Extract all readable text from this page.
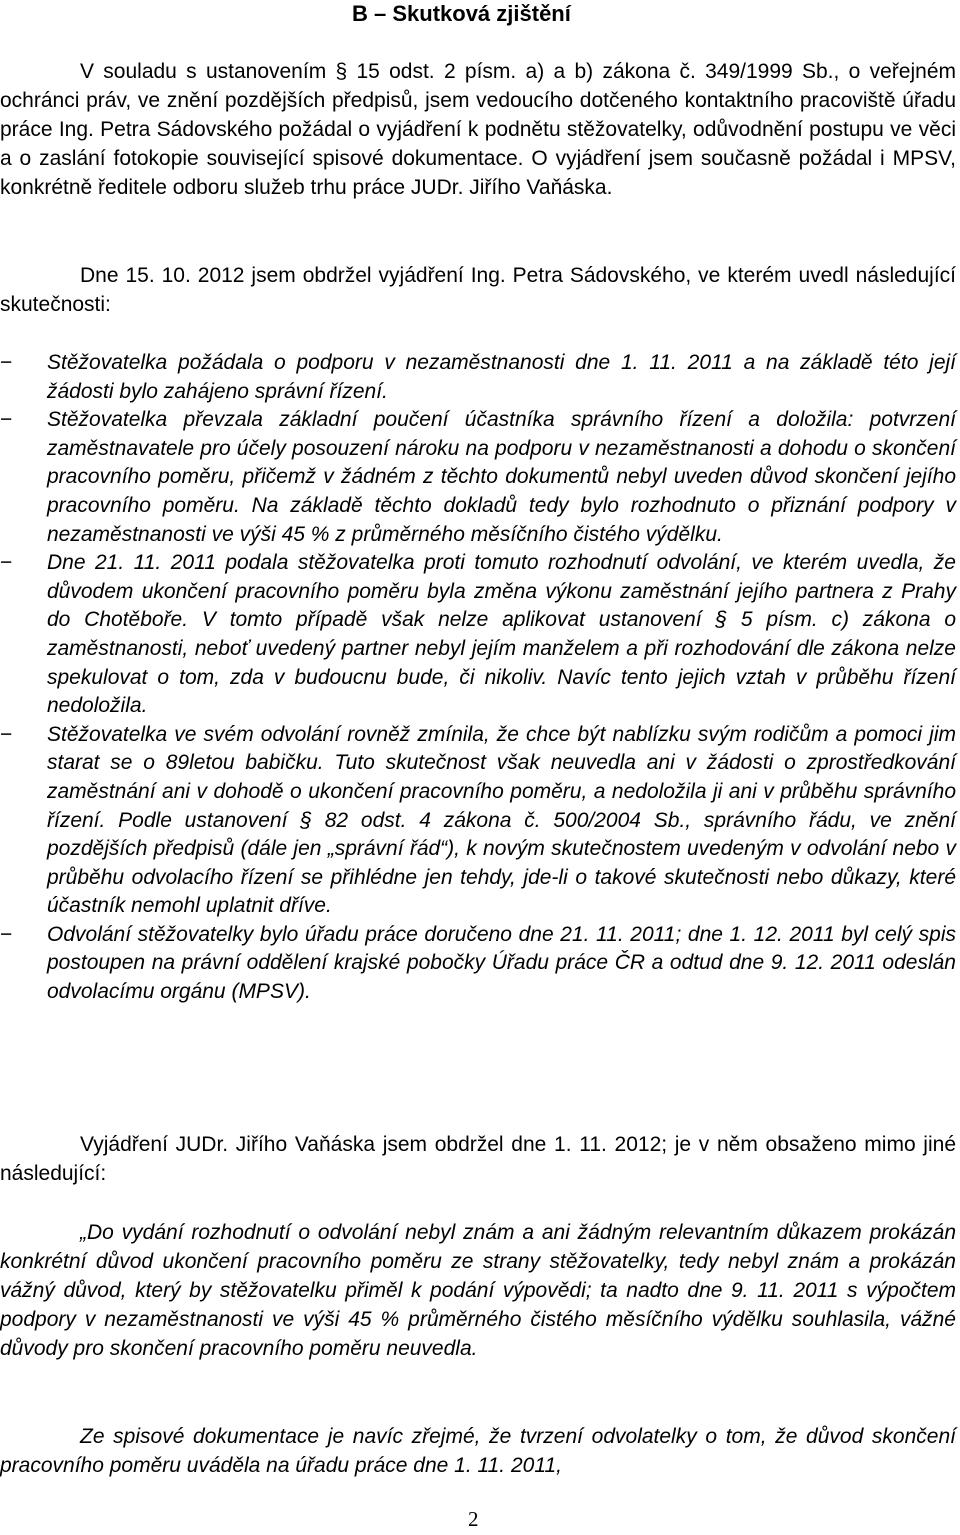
B – Skutková zjištění

V souladu s ustanovením § 15 odst. 2 písm. a) a b) zákona č. 349/1999 Sb., o veřejném ochránci práv, ve znění pozdějších předpisů, jsem vedoucího dotčeného kontaktního pracoviště úřadu práce Ing. Petra Sádovského požádal o vyjádření k podnětu stěžovatelky, odůvodnění postupu ve věci a o zaslání fotokopie související spisové dokumentace. O vyjádření jsem současně požádal i MPSV, konkrétně ředitele odboru služeb trhu práce JUDr. Jiřího Vaňáska.

Dne 15. 10. 2012 jsem obdržel vyjádření Ing. Petra Sádovského, ve kterém uvedl následující skutečnosti:

−	Stěžovatelka požádala o podporu v nezaměstnanosti dne 1. 11. 2011 a na základě této její žádosti bylo zahájeno správní řízení.
−	Stěžovatelka převzala základní poučení účastníka správního řízení a doložila: potvrzení zaměstnavatele pro účely posouzení nároku na podporu v nezaměstnanosti a dohodu o skončení pracovního poměru, přičemž v žádném z těchto dokumentů nebyl uveden důvod skončení jejího pracovního poměru. Na základě těchto dokladů tedy bylo rozhodnuto o přiznání podpory v nezaměstnanosti ve výši 45 % z průměrného měsíčního čistého výdělku.
−	Dne 21. 11. 2011 podala stěžovatelka proti tomuto rozhodnutí odvolání, ve kterém uvedla, že důvodem ukončení pracovního poměru byla změna výkonu zaměstnání jejího partnera z Prahy do Chotěboře. V tomto případě však nelze aplikovat ustanovení § 5 písm. c) zákona o zaměstnanosti, neboť uvedený partner nebyl jejím manželem a při rozhodování dle zákona nelze spekulovat o tom, zda v budoucnu bude, či nikoliv. Navíc tento jejich vztah v průběhu řízení nedoložila.
−	Stěžovatelka ve svém odvolání rovněž zmínila, že chce být nablízku svým rodičům a pomoci jim starat se o 89letou babičku. Tuto skutečnost však neuvedla ani v žádosti o zprostředkování zaměstnání ani v dohodě o ukončení pracovního poměru, a nedoložila ji ani v průběhu správního řízení. Podle ustanovení § 82 odst. 4 zákona č. 500/2004 Sb., správního řádu, ve znění pozdějších předpisů (dále jen „správní řád“), k novým skutečnostem uvedeným v odvolání nebo v průběhu odvolacího řízení se přihlédne jen tehdy, jde-li o takové skutečnosti nebo důkazy, které účastník nemohl uplatnit dříve.
−	Odvolání stěžovatelky bylo úřadu práce doručeno dne 21. 11. 2011; dne 1. 12. 2011 byl celý spis postoupen na právní oddělení krajské pobočky Úřadu práce ČR a odtud dne 9. 12. 2011 odeslán odvolacímu orgánu (MPSV).

Vyjádření JUDr. Jiřího Vaňáska jsem obdržel dne 1. 11. 2012; je v něm obsaženo mimo jiné následující:

„Do vydání rozhodnutí o odvolání nebyl znám a ani žádným relevantním důkazem prokázán konkrétní důvod ukončení pracovního poměru ze strany stěžovatelky, tedy nebyl znám a prokázán vážný důvod, který by stěžovatelku přiměl k podání výpovědi; ta nadto dne 9. 11. 2011 s výpočtem podpory v nezaměstnanosti ve výši 45 % průměrného čistého měsíčního výdělku souhlasila, vážné důvody pro skončení pracovního poměru neuvedla.

Ze spisové dokumentace je navíc zřejmé, že tvrzení odvolatelky o tom, že důvod skončení pracovního poměru uváděla na úřadu práce dne 1. 11. 2011,

2
